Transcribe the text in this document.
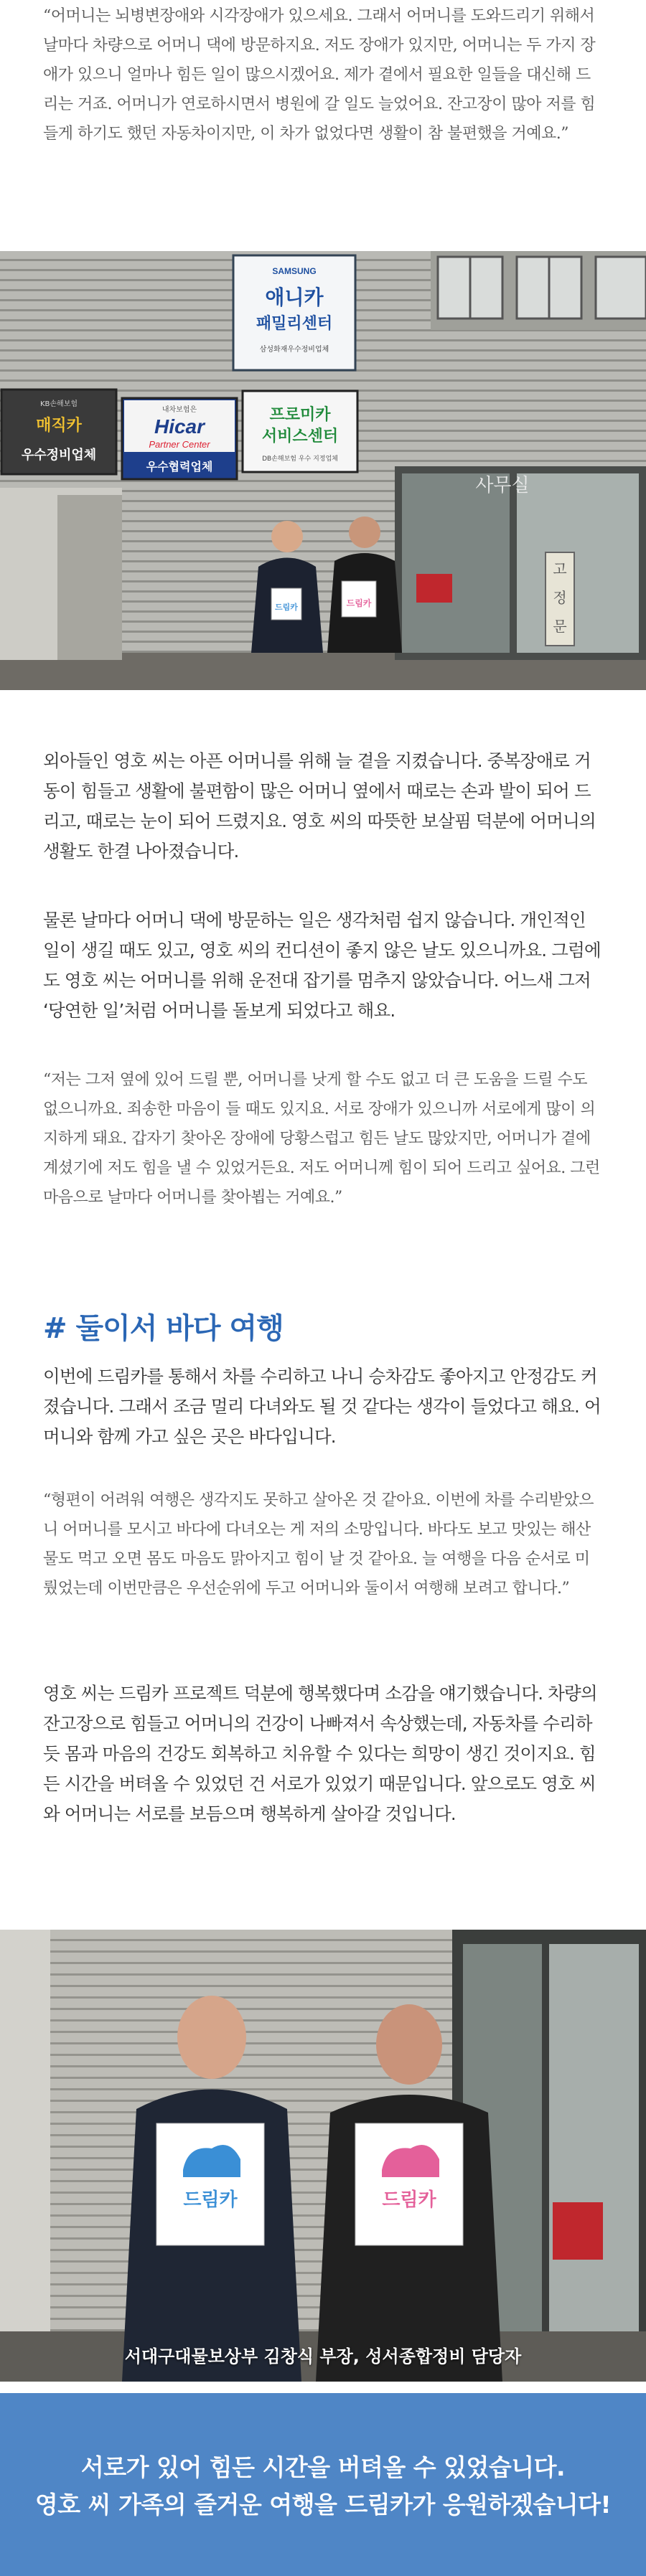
“어머니는 뇌병변장애와 시각장애가 있으세요. 그래서 어머니를 도와드리기 위해서 날마다 차량으로 어머니 댁에 방문하지요. 저도 장애가 있지만, 어머니는 두 가지 장애가 있으니 얼마나 힘든 일이 많으시겠어요. 제가 곁에서 필요한 일들을 대신해 드리는 거죠. 어머니가 연로하시면서 병원에 갈 일도 늘었어요. 잔고장이 많아 저를 힘들게 하기도 했던 자동차이지만, 이 차가 없었다면 생활이 참 불편했을 거예요.”

SAMSUNG
애니카
패밀리센터
삼성화재우수정비업체
KB손해보험
매직카
우수정비업체
내차보험은
Hicar
Partner Center
우수협력업체
프로미카
서비스센터
DB손해보험 우수 지정업체
사무실
고
정
문
드림카	드림카

외아들인 영호 씨는 아픈 어머니를 위해 늘 곁을 지켰습니다. 중복장애로 거동이 힘들고 생활에 불편함이 많은 어머니 옆에서 때로는 손과 발이 되어 드리고, 때로는 눈이 되어 드렸지요. 영호 씨의 따뜻한 보살핌 덕분에 어머니의 생활도 한결 나아졌습니다.

물론 날마다 어머니 댁에 방문하는 일은 생각처럼 쉽지 않습니다. 개인적인 일이 생길 때도 있고, 영호 씨의 컨디션이 좋지 않은 날도 있으니까요. 그럼에도 영호 씨는 어머니를 위해 운전대 잡기를 멈추지 않았습니다. 어느새 그저 ‘당연한 일’처럼 어머니를 돌보게 되었다고 해요.

“저는 그저 옆에 있어 드릴 뿐, 어머니를 낫게 할 수도 없고 더 큰 도움을 드릴 수도 없으니까요. 죄송한 마음이 들 때도 있지요. 서로 장애가 있으니까 서로에게 많이 의지하게 돼요. 갑자기 찾아온 장애에 당황스럽고 힘든 날도 많았지만, 어머니가 곁에 계셨기에 저도 힘을 낼 수 있었거든요. 저도 어머니께 힘이 되어 드리고 싶어요. 그런 마음으로 날마다 어머니를 찾아뵙는 거예요.”

# 둘이서 바다 여행

이번에 드림카를 통해서 차를 수리하고 나니 승차감도 좋아지고 안정감도 커졌습니다. 그래서 조금 멀리 다녀와도 될 것 같다는 생각이 들었다고 해요. 어머니와 함께 가고 싶은 곳은 바다입니다.

“형편이 어려워 여행은 생각지도 못하고 살아온 것 같아요. 이번에 차를 수리받았으니 어머니를 모시고 바다에 다녀오는 게 저의 소망입니다. 바다도 보고 맛있는 해산물도 먹고 오면 몸도 마음도 맑아지고 힘이 날 것 같아요. 늘 여행을 다음 순서로 미뤘었는데 이번만큼은 우선순위에 두고 어머니와 둘이서 여행해 보려고 합니다.”

영호 씨는 드림카 프로젝트 덕분에 행복했다며 소감을 얘기했습니다. 차량의 잔고장으로 힘들고 어머니의 건강이 나빠져서 속상했는데, 자동차를 수리하듯 몸과 마음의 건강도 회복하고 치유할 수 있다는 희망이 생긴 것이지요. 힘든 시간을 버텨올 수 있었던 건 서로가 있었기 때문입니다. 앞으로도 영호 씨와 어머니는 서로를 보듬으며 행복하게 살아갈 것입니다.

드림카	드림카
서대구대물보상부 김창식 부장, 성서종합정비 담당자
서로가 있어 힘든 시간을 버텨올 수 있었습니다.
영호 씨 가족의 즐거운 여행을 드림카가 응원하겠습니다!
